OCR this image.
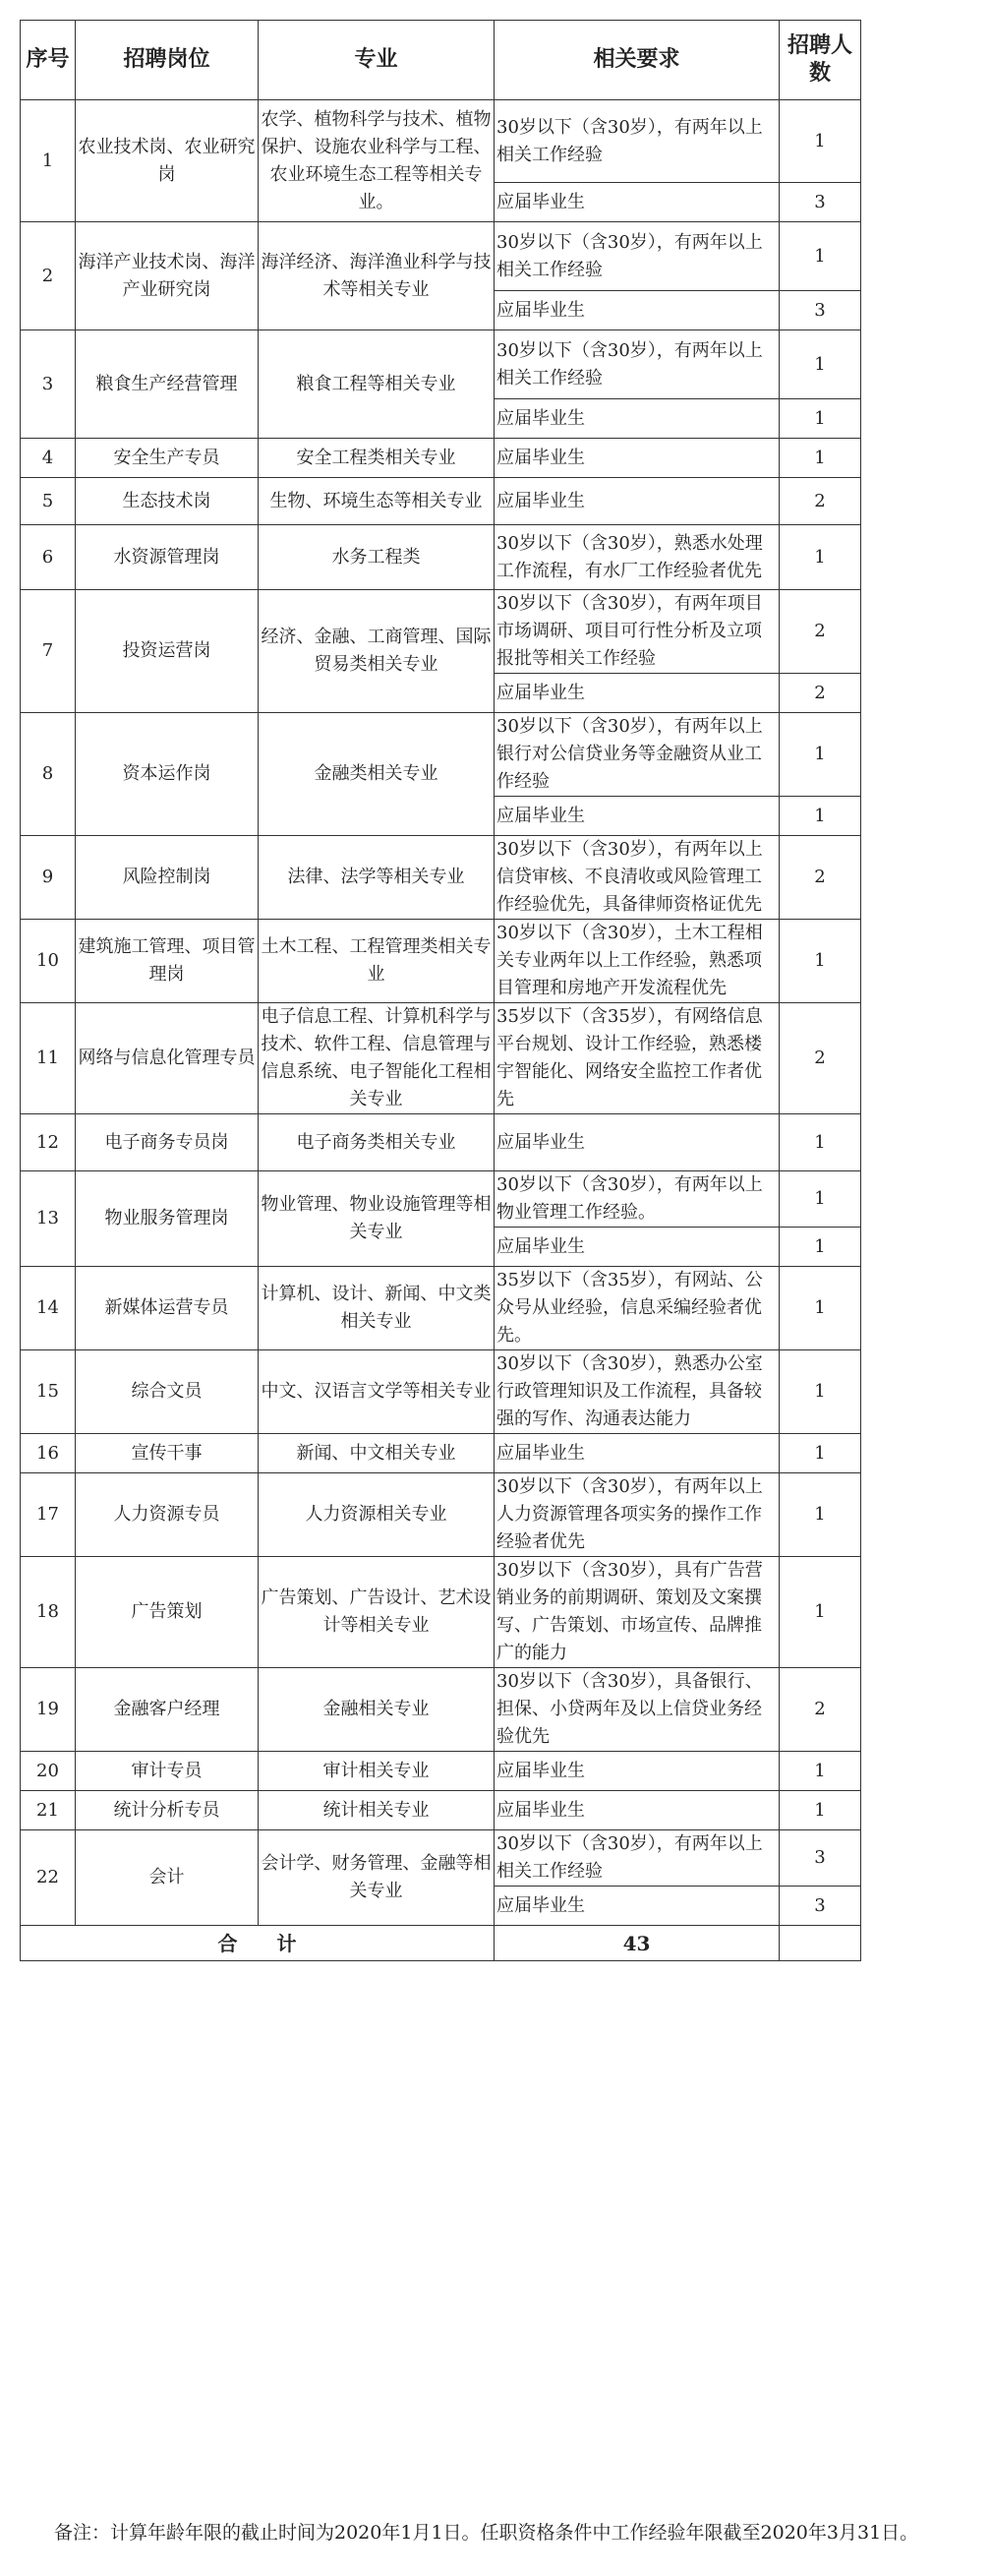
序号	招聘岗位	专业	相关要求	招聘人数
1	农业技术岗、农业研究岗	农学、植物科学与技术、植物保护、设施农业科学与工程、农业环境生态工程等相关专业。	30岁以下（含30岁），有两年以上相关工作经验	1
			应届毕业生	3
2	海洋产业技术岗、海洋产业研究岗	海洋经济、海洋渔业科学与技术等相关专业	30岁以下（含30岁），有两年以上相关工作经验	1
			应届毕业生	3
3	粮食生产经营管理	粮食工程等相关专业	30岁以下（含30岁），有两年以上相关工作经验	1
			应届毕业生	1
4	安全生产专员	安全工程类相关专业	应届毕业生	1
5	生态技术岗	生物、环境生态等相关专业	应届毕业生	2
6	水资源管理岗	水务工程类	30岁以下（含30岁），熟悉水处理工作流程，有水厂工作经验者优先	1
7	投资运营岗	经济、金融、工商管理、国际贸易类相关专业	30岁以下（含30岁），有两年项目市场调研、项目可行性分析及立项报批等相关工作经验	2
			应届毕业生	2
8	资本运作岗	金融类相关专业	30岁以下（含30岁），有两年以上银行对公信贷业务等金融资从业工作经验	1
			应届毕业生	1
9	风险控制岗	法律、法学等相关专业	30岁以下（含30岁），有两年以上信贷审核、不良清收或风险管理工作经验优先，具备律师资格证优先	2
10	建筑施工管理、项目管理岗	土木工程、工程管理类相关专业	30岁以下（含30岁），土木工程相关专业两年以上工作经验，熟悉项目管理和房地产开发流程优先	1
11	网络与信息化管理专员	电子信息工程、计算机科学与技术、软件工程、信息管理与信息系统、电子智能化工程相关专业	35岁以下（含35岁），有网络信息平台规划、设计工作经验，熟悉楼宇智能化、网络安全监控工作者优先	2
12	电子商务专员岗	电子商务类相关专业	应届毕业生	1
13	物业服务管理岗	物业管理、物业设施管理等相关专业	30岁以下（含30岁），有两年以上物业管理工作经验。	1
			应届毕业生	1
14	新媒体运营专员	计算机、设计、新闻、中文类相关专业	35岁以下（含35岁），有网站、公众号从业经验，信息采编经验者优先。	1
15	综合文员	中文、汉语言文学等相关专业	30岁以下（含30岁），熟悉办公室行政管理知识及工作流程，具备较强的写作、沟通表达能力	1
16	宣传干事	新闻、中文相关专业	应届毕业生	1
17	人力资源专员	人力资源相关专业	30岁以下（含30岁），有两年以上人力资源管理各项实务的操作工作经验者优先	1
18	广告策划	广告策划、广告设计、艺术设计等相关专业	30岁以下（含30岁），具有广告营销业务的前期调研、策划及文案撰写、广告策划、市场宣传、品牌推广的能力	1
19	金融客户经理	金融相关专业	30岁以下（含30岁），具备银行、担保、小贷两年及以上信贷业务经验优先	2
20	审计专员	审计相关专业	应届毕业生	1
21	统计分析专员	统计相关专业	应届毕业生	1
22	会计	会计学、财务管理、金融等相关专业	30岁以下（含30岁），有两年以上相关工作经验	3
			应届毕业生	3
合　　计			43	
备注：计算年龄年限的截止时间为2020年1月1日。任职资格条件中工作经验年限截至2020年3月31日。
